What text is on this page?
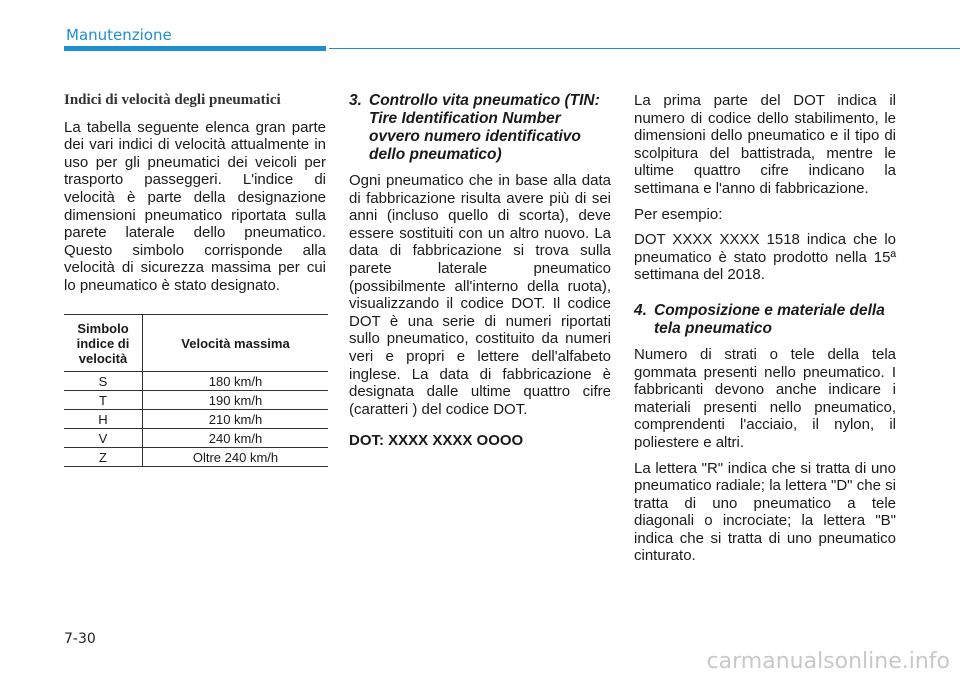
Manutenzione
Indici di velocità degli pneumatici

La tabella seguente elenca gran parte dei vari indici di velocità attualmente in uso per gli pneumatici dei veicoli per trasporto passeggeri. L'indice di velocità è parte della designazione dimensioni pneumatico riportata sulla parete laterale dello pneumatico. Questo simbolo corrisponde alla velocità di sicurezza massima per cui lo pneumatico è stato designato.

Simbolo indice di velocità	Velocità massima
S	180 km/h
T	190 km/h
H	210 km/h
V	240 km/h
Z	Oltre 240 km/h
3. Controllo vita pneumatico (TIN: Tire Identification Number ovvero numero identificativo dello pneumatico)

Ogni pneumatico che in base alla data di fabbricazione risulta avere più di sei anni (incluso quello di scorta), deve essere sostituiti con un altro nuovo. La data di fabbricazione si trova sulla parete laterale pneumatico (possibilmente all'interno della ruota), visualizzando il codice DOT. Il codice DOT è una serie di numeri riportati sullo pneumatico, costituito da numeri veri e propri e lettere dell'alfabeto inglese. La data di fabbricazione è designata dalle ultime quattro cifre (caratteri ) del codice DOT.

DOT: XXXX XXXX OOOO

La prima parte del DOT indica il numero di codice dello stabilimento, le dimensioni dello pneumatico e il tipo di scolpitura del battistrada, mentre le ultime quattro cifre indicano la settimana e l'anno di fabbricazione.

Per esempio:

DOT XXXX XXXX 1518 indica che lo pneumatico è stato prodotto nella 15ª settimana del 2018.

4. Composizione e materiale della tela pneumatico

Numero di strati o tele della tela gommata presenti nello pneumatico. I fabbricanti devono anche indicare i materiali presenti nello pneumatico, comprendenti l'acciaio, il nylon, il poliestere e altri.

La lettera "R" indica che si tratta di uno pneumatico radiale; la lettera "D" che si tratta di uno pneumatico a tele diagonali o incrociate; la lettera "B" indica che si tratta di uno pneumatico cinturato.

7-30
carmanualsonline.info
